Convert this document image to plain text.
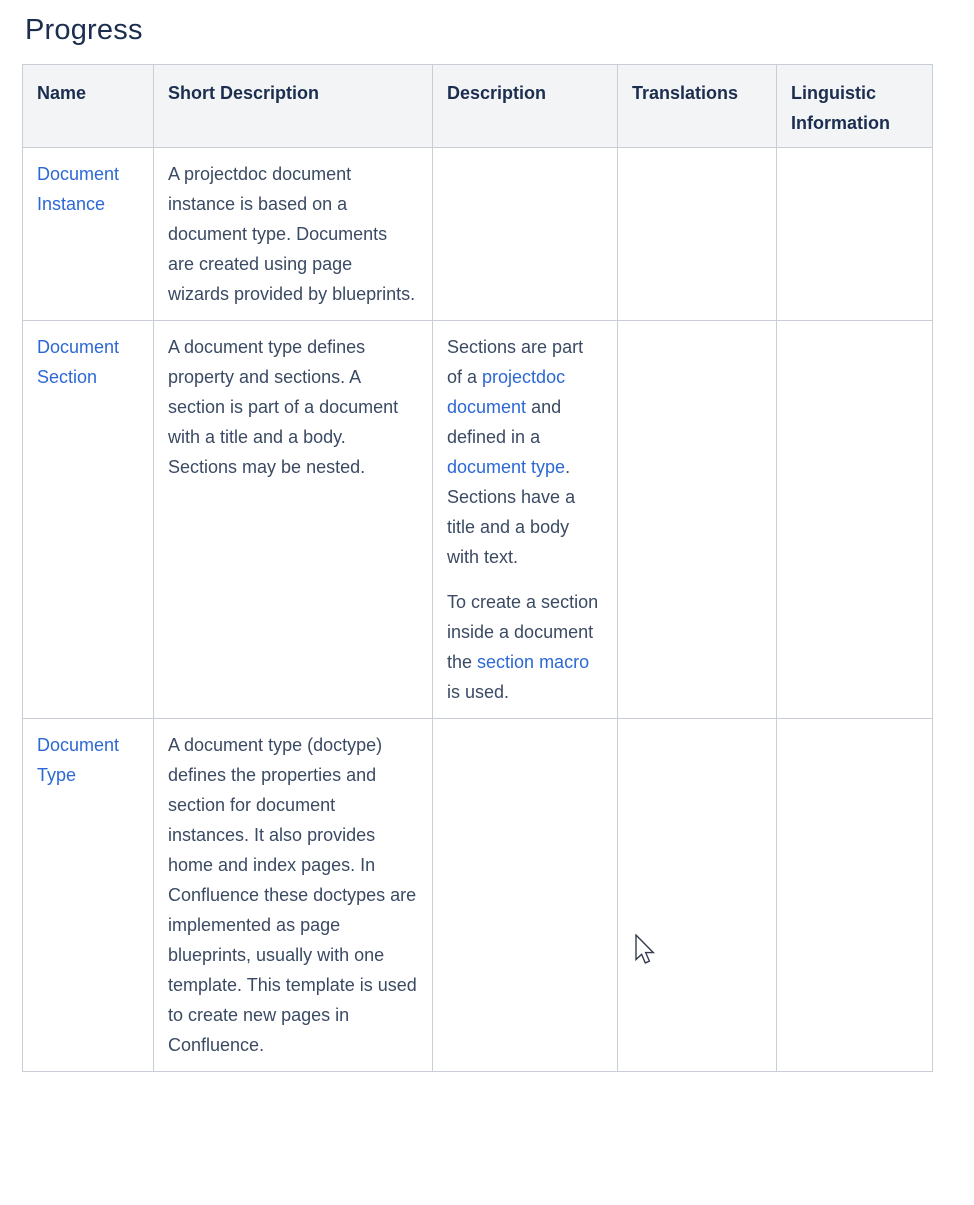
Progress
Name	Short Description	Description	Translations	Linguistic Information
Document Instance	A projectdoc document instance is based on a document type. Documents are created using page wizards provided by blueprints.			

Document Section	A document type defines property and sections. A section is part of a document with a title and a body. Sections may be nested.	Sections are part of a projectdoc document and defined in a document type. Sections have a title and a body with text.

To create a section inside a document the section macro is used.		

Document Type	A document type (doctype) defines the properties and section for document instances. It also provides home and index pages. In Confluence these doctypes are implemented as page blueprints, usually with one template. This template is used to create new pages in Confluence.			
